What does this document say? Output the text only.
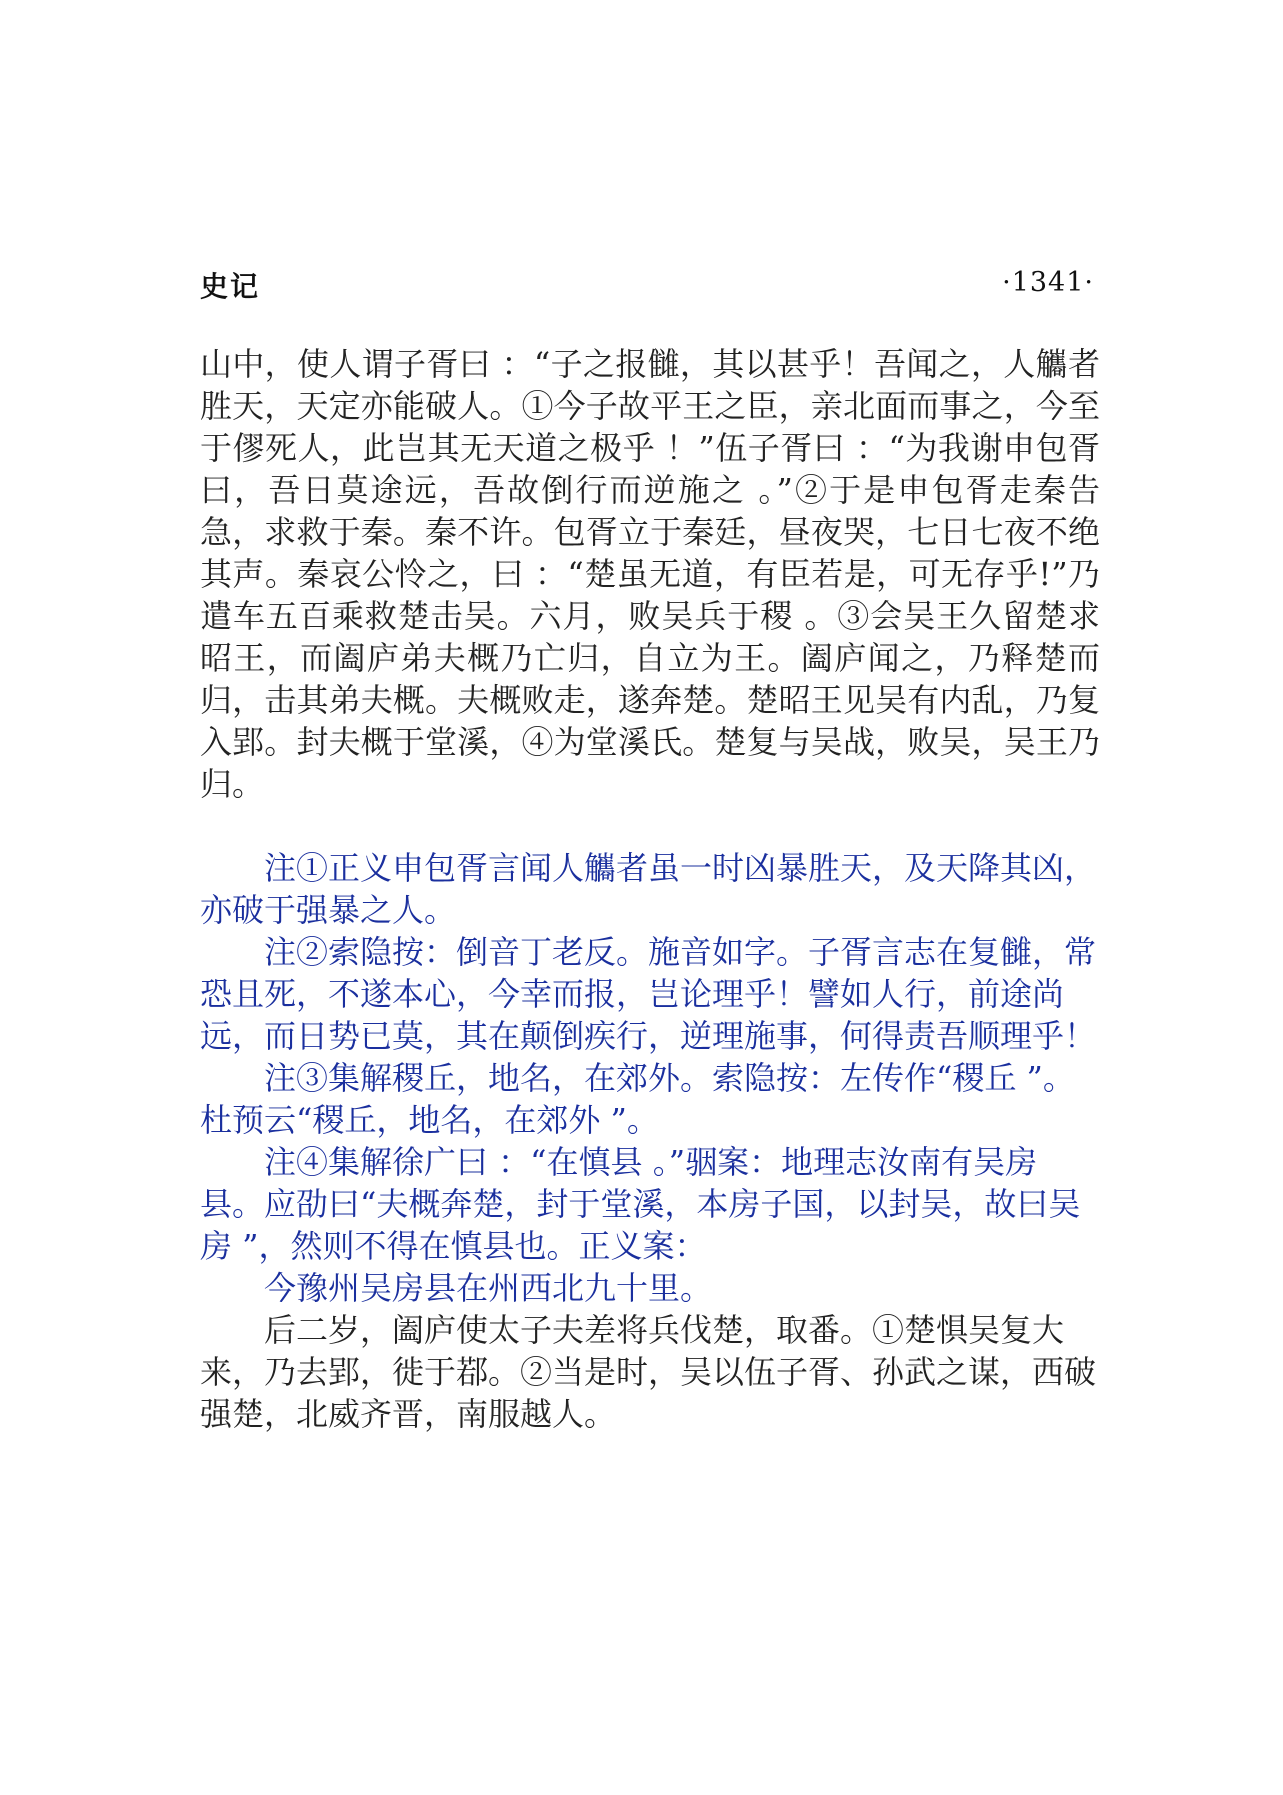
史记	·1341·

山中，使人谓子胥曰 ：“子之报雠，其以甚乎！吾闻之，人觿者胜天，天定亦能破人。①今子故平王之臣，亲北面而事之，今至于僇死人，此岂其无天道之极乎 ！”伍子胥曰 ：“为我谢申包胥曰，吾日莫途远，吾故倒行而逆施之 。”②于是申包胥走秦告急，求救于秦。秦不许。包胥立于秦廷，昼夜哭，七日七夜不绝其声。秦哀公怜之，曰 ：“楚虽无道，有臣若是，可无存乎!”乃遣车五百乘救楚击吴。六月，败吴兵于稷 。③会吴王久留楚求昭王，而阖庐弟夫概乃亡归，自立为王。阖庐闻之，乃释楚而归，击其弟夫概。夫概败走，遂奔楚。楚昭王见吴有内乱，乃复入郢。封夫概于堂溪，④为堂溪氏。楚复与吴战，败吴，吴王乃归。

注①正义申包胥言闻人觿者虽一时凶暴胜天，及天降其凶，亦破于强暴之人。

注②索隐按：倒音丁老反。施音如字。子胥言志在复雠，常恐且死，不遂本心，今幸而报，岂论理乎！譬如人行，前途尚远，而日势已莫，其在颠倒疾行，逆理施事，何得责吾顺理乎！

注③集解稷丘，地名，在郊外。索隐按：左传作“稷丘 ”。杜预云“稷丘，地名，在郊外 ”。

注④集解徐广曰 ：“在慎县 。”骃案：地理志汝南有吴房县。应劭曰“夫概奔楚，封于堂溪，本房子国，以封吴，故曰吴房 ”，然则不得在慎县也。正义案：

今豫州吴房县在州西北九十里。

后二岁，阖庐使太子夫差将兵伐楚，取番。①楚惧吴复大来，乃去郢，徙于鄀。②当是时，吴以伍子胥、孙武之谋，西破强楚，北威齐晋，南服越人。
